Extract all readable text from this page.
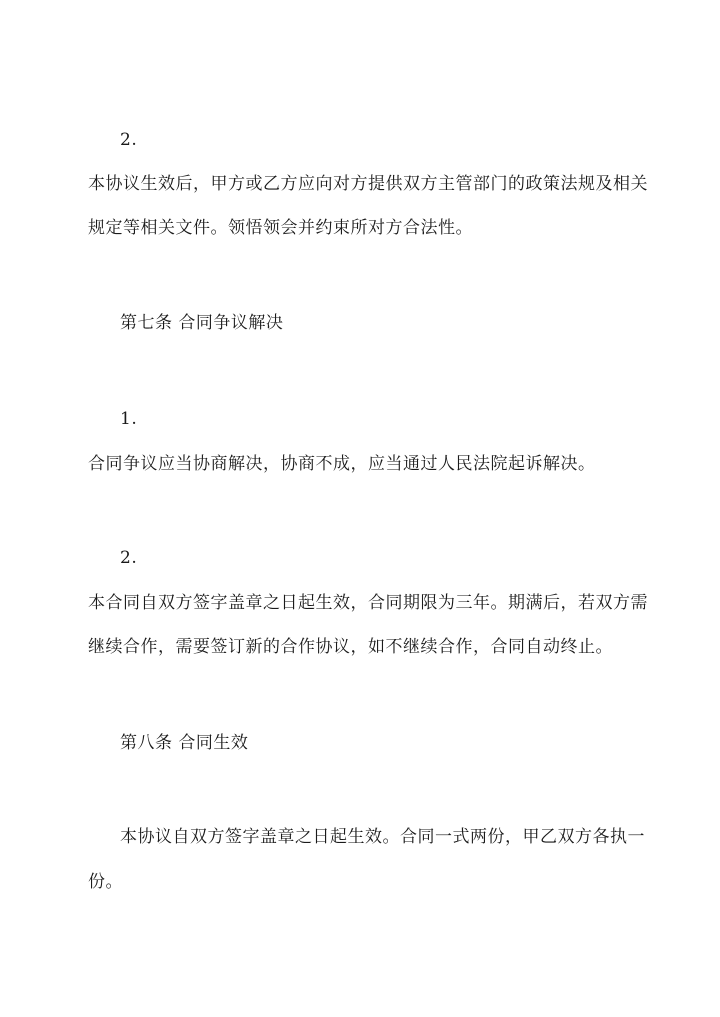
2.
本协议生效后，甲方或乙方应向对方提供双方主管部门的政策法规及相关
规定等相关文件。领悟领会并约束所对方合法性。
第七条 合同争议解决
1.
合同争议应当协商解决，协商不成，应当通过人民法院起诉解决。
2.
本合同自双方签字盖章之日起生效，合同期限为三年。期满后，若双方需
继续合作，需要签订新的合作协议，如不继续合作，合同自动终止。
第八条 合同生效
本协议自双方签字盖章之日起生效。合同一式两份，甲乙双方各执一
份。
